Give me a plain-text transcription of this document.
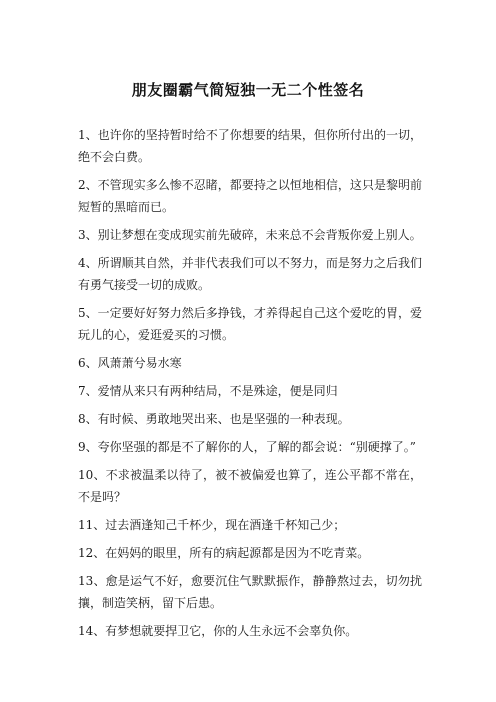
朋友圈霸气简短独一无二个性签名
1、也许你的坚持暂时给不了你想要的结果，但你所付出的一切，绝不会白费。
2、不管现实多么惨不忍睹，都要持之以恒地相信，这只是黎明前短暂的黑暗而已。
3、别让梦想在变成现实前先破碎，未来总不会背叛你爱上别人。
4、所谓顺其自然，并非代表我们可以不努力，而是努力之后我们有勇气接受一切的成败。
5、一定要好好努力然后多挣钱，才养得起自己这个爱吃的胃，爱玩儿的心，爱逛爱买的习惯。
6、风萧萧兮易水寒
7、爱情从来只有两种结局，不是殊途，便是同归
8、有时候、勇敢地哭出来、也是坚强的一种表现。
9、夸你坚强的都是不了解你的人，了解的都会说：“别硬撑了。”
10、不求被温柔以待了，被不被偏爱也算了，连公平都不常在，不是吗？
11、过去酒逢知己千杯少，现在酒逢千杯知己少；
12、在妈妈的眼里，所有的病起源都是因为不吃青菜。
13、愈是运气不好，愈要沉住气默默振作，静静熬过去，切勿扰攘，制造笑柄，留下后患。
14、有梦想就要捍卫它，你的人生永远不会辜负你。
